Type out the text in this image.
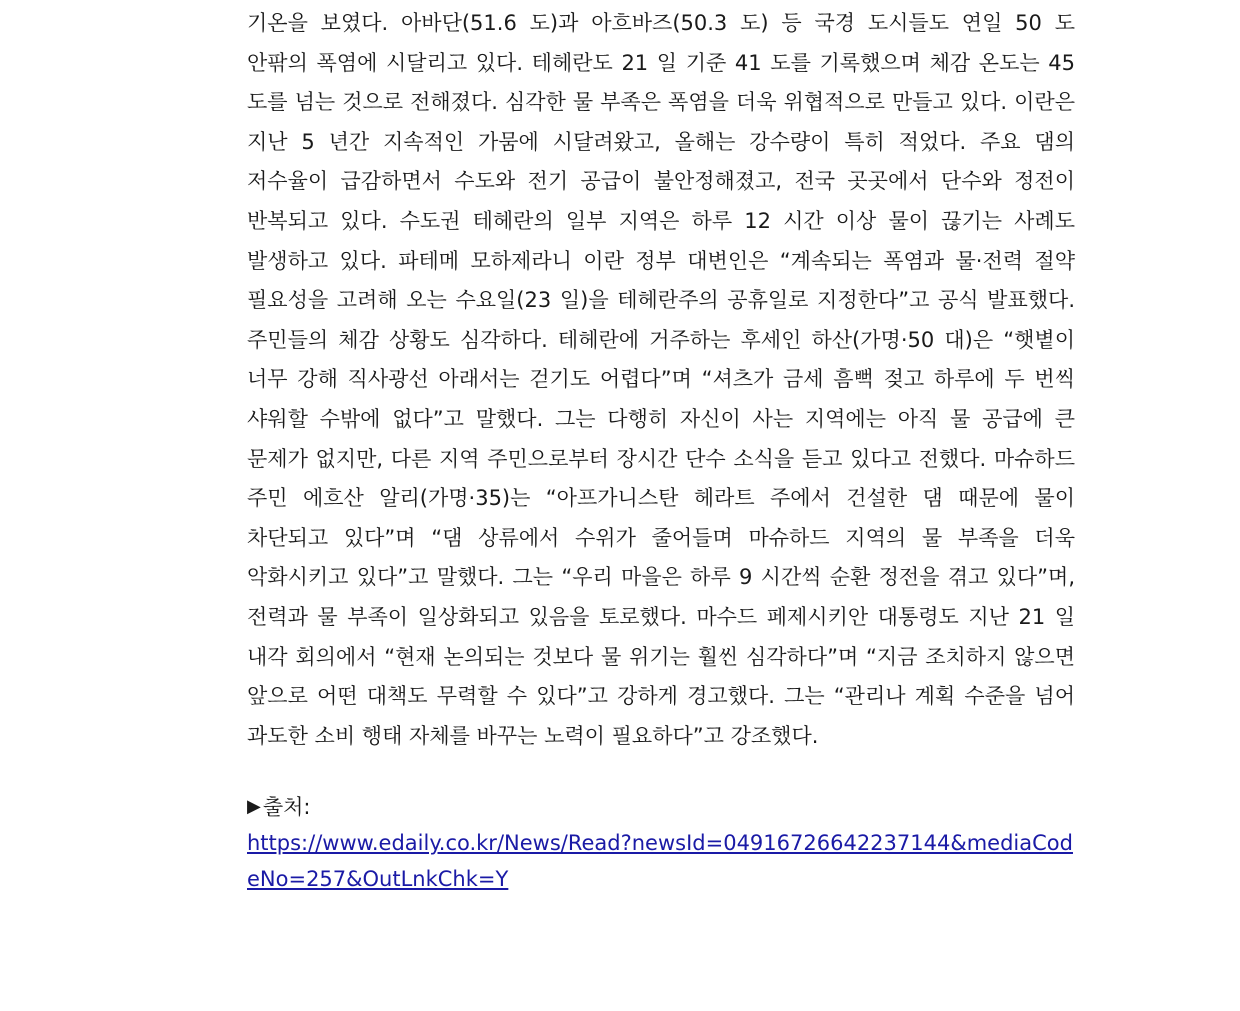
기온을 보였다. 아바단(51.6 도)과 아흐바즈(50.3 도) 등 국경 도시들도 연일 50 도 안팎의 폭염에 시달리고 있다. 테헤란도 21 일 기준 41 도를 기록했으며 체감 온도는 45 도를 넘는 것으로 전해졌다. 심각한 물 부족은 폭염을 더욱 위협적으로 만들고 있다. 이란은 지난 5 년간 지속적인 가뭄에 시달려왔고, 올해는 강수량이 특히 적었다. 주요 댐의 저수율이 급감하면서 수도와 전기 공급이 불안정해졌고, 전국 곳곳에서 단수와 정전이 반복되고 있다. 수도권 테헤란의 일부 지역은 하루 12 시간 이상 물이 끊기는 사례도 발생하고 있다. 파테메 모하제라니 이란 정부 대변인은 “계속되는 폭염과 물·전력 절약 필요성을 고려해 오는 수요일(23 일)을 테헤란주의 공휴일로 지정한다”고 공식 발표했다. 주민들의 체감 상황도 심각하다. 테헤란에 거주하는 후세인 하산(가명·50 대)은 “햇볕이 너무 강해 직사광선 아래서는 걷기도 어렵다”며 “셔츠가 금세 흠뻑 젖고 하루에 두 번씩 샤워할 수밖에 없다”고 말했다. 그는 다행히 자신이 사는 지역에는 아직 물 공급에 큰 문제가 없지만, 다른 지역 주민으로부터 장시간 단수 소식을 듣고 있다고 전했다. 마슈하드 주민 에흐산 알리(가명·35)는 “아프가니스탄 헤라트 주에서 건설한 댐 때문에 물이 차단되고 있다”며 “댐 상류에서 수위가 줄어들며 마슈하드 지역의 물 부족을 더욱 악화시키고 있다”고 말했다. 그는 “우리 마을은 하루 9 시간씩 순환 정전을 겪고 있다”며, 전력과 물 부족이 일상화되고 있음을 토로했다. 마수드 페제시키안 대통령도 지난 21 일 내각 회의에서 “현재 논의되는 것보다 물 위기는 훨씬 심각하다”며 “지금 조치하지 않으면 앞으로 어떤 대책도 무력할 수 있다”고 강하게 경고했다. 그는 “관리나 계획 수준을 넘어 과도한 소비 행태 자체를 바꾸는 노력이 필요하다”고 강조했다.

▶ 출처:
https://www.edaily.co.kr/News/Read?newsId=04916726642237144&mediaCodeNo=257&OutLnkChk=Y
